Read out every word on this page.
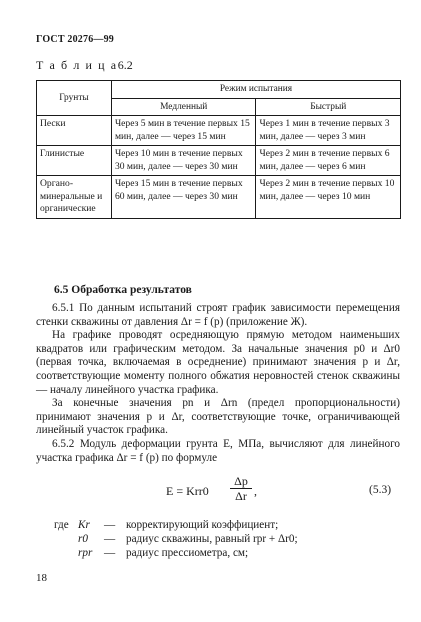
ГОСТ 20276—99
Т а б л и ц а6.2
Грунты	Режим испытания	
	Медленный	Быстрый
Пески	Через 5 мин в течение первых 15 мин, далее — через 15 мин	Через 1 мин в течение первых 3 мин, далее — через 3 мин
Глинистые	Через 10 мин в течение первых 30 мин, далее — через 30 мин	Через 2 мин в течение первых 6 мин, далее — через 6 мин
Органо-минеральные и органические	Через 15 мин в течение первых 60 мин, далее — через 30 мин	Через 2 мин в течение первых 10 мин, далее — через 10 мин
6.5 Обработка результатов

6.5.1 По данным испытаний строят график зависимости перемещения стенки скважины от давления Δr = f (p) (приложение Ж).

На графике проводят осредняющую прямую методом наименьших квадратов или графическим методом. За начальные значения p0 и Δr0 (первая точка, включаемая в осреднение) принимают значения p и Δr, соответствующие моменту полного обжатия неровностей стенок скважины — началу линейного участка графика.

За конечные значения pn и Δrn (предел пропорциональности) принимают значения p и Δr, соответствующие точке, ограничивающей линейный участок графика.

6.5.2 Модуль деформации грунта E, МПа, вычисляют для линейного участка графика Δr = f (p) по формуле

$E = Krr0 \frac{\Delta p}{\Delta r}$ ,	(5.3)
где Kr	— корректирующий коэффициент;
r0	— радиус скважины, равный rpr + Δr0;
rpr	— радиус прессиометра, см;
18
